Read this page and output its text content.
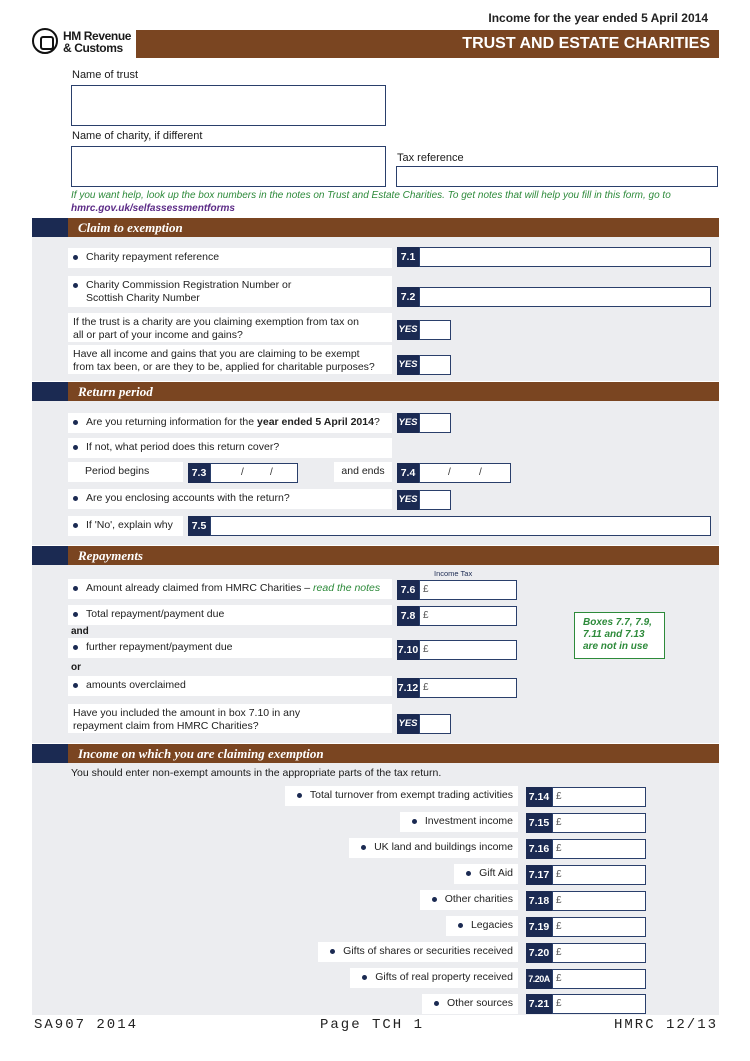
Income for the year ended 5 April 2014
HM Revenue
& Customs	TRUST AND ESTATE CHARITIES
Name of trust
Name of charity, if different
Tax reference
If you want help, look up the box numbers in the notes on Trust and Estate Charities. To get notes that will help you fill in this form, go to hmrc.gov.uk/selfassessmentforms
Claim to exemption
Charity repayment reference	7.1
Charity Commission Registration Number or
Scottish Charity Number	7.2
If the trust is a charity are you claiming exemption from tax on
all or part of your income and gains?	YES
Have all income and gains that you are claiming to be exempt
from tax been, or are they to be, applied for charitable purposes?	YES
Return period
Are you returning information for the year ended 5 April 2014?	YES
If not, what period does this return cover?
Period begins	7.3	/	/	and ends	7.4	/	/
Are you enclosing accounts with the return?	YES
If 'No', explain why	7.5
Repayments
Income Tax
Amount already claimed from HMRC Charities – read the notes	7.6 £
Total repayment/payment due	7.8 £
and
further repayment/payment due	7.10 £
or
amounts overclaimed	7.12 £
Boxes 7.7, 7.9, 7.11 and 7.13 are not in use
Have you included the amount in box 7.10 in any
repayment claim from HMRC Charities?	YES
Income on which you are claiming exemption
You should enter non-exempt amounts in the appropriate parts of the tax return.
Total turnover from exempt trading activities	7.14 £
Investment income	7.15 £
UK land and buildings income	7.16 £
Gift Aid	7.17 £
Other charities	7.18 £
Legacies	7.19 £
Gifts of shares or securities received	7.20 £
Gifts of real property received	7.20A £
Other sources	7.21 £
SA907 2014	Page TCH 1	HMRC 12/13
